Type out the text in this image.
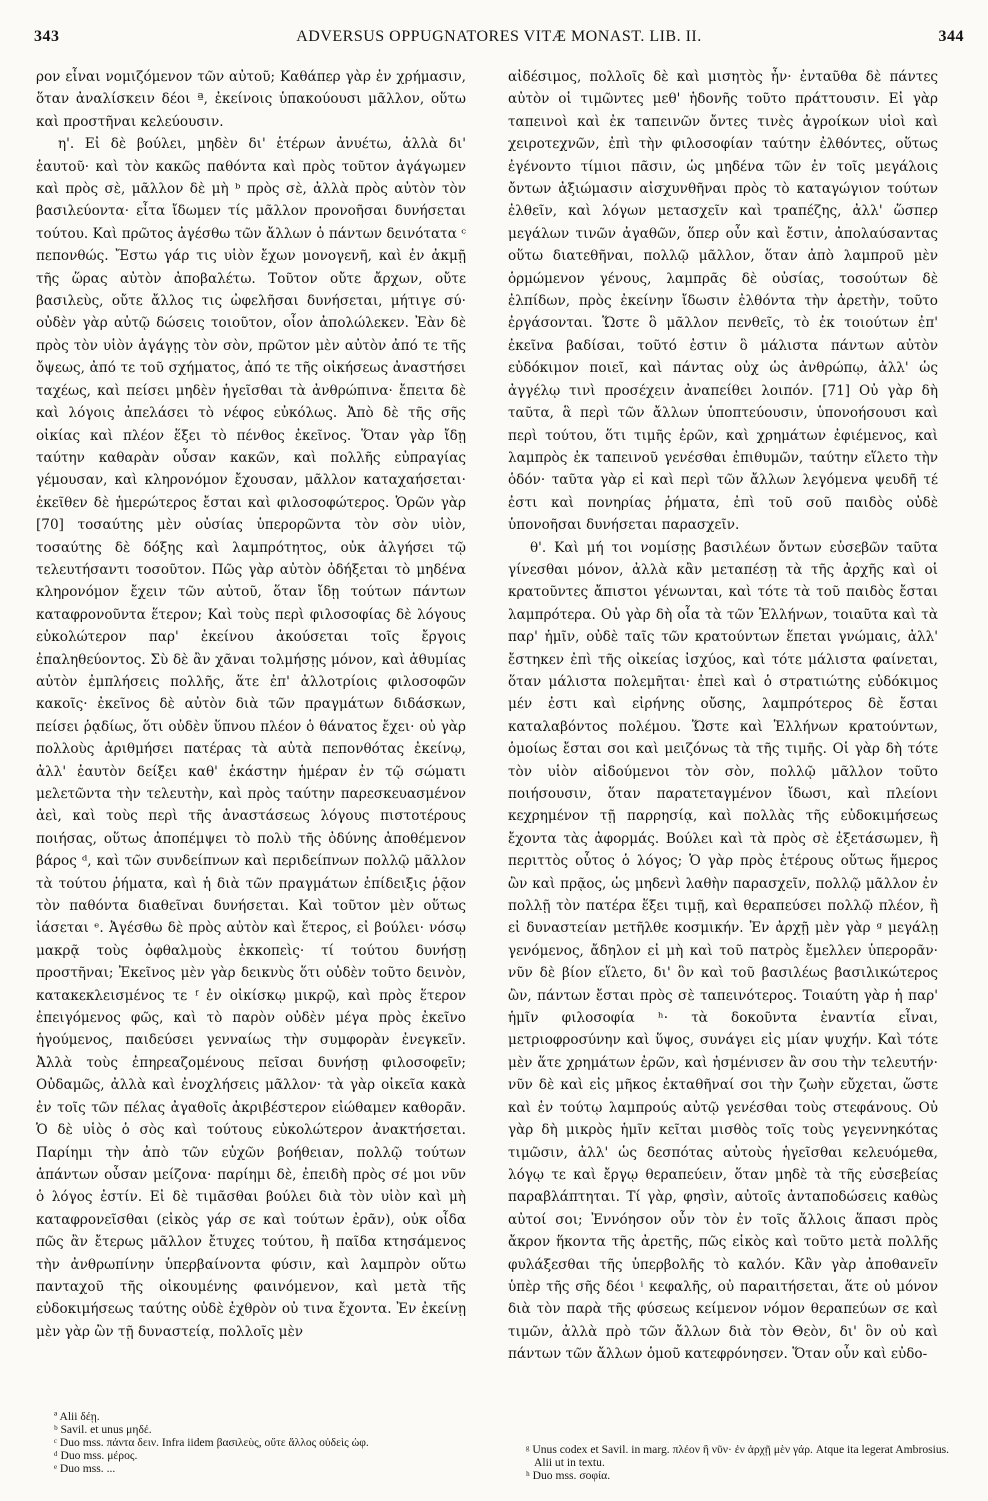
343	ADVERSUS OPPUGNATORES VITÆ MONAST. LIB. II.	344

ρον εἶναι νομιζόμενον τῶν αὐτοῦ; Καθάπερ γὰρ ἐν χρήμασιν, ὅταν ἀναλίσκειν δέοι ª, ἐκείνοις ὑπακούουσι μᾶλλον, οὕτω καὶ προστῆναι κελεύουσιν.

η'. Εἰ δὲ βούλει, μηδὲν δι' ἑτέρων ἀνυέτω, ἀλλὰ δι' ἑαυτοῦ· καὶ τὸν κακῶς παθόντα καὶ πρὸς τοῦτον ἀγάγωμεν καὶ πρὸς σὲ, μᾶλλον δὲ μὴ ᵇ πρὸς σὲ, ἀλλὰ πρὸς αὐτὸν τὸν βασιλεύοντα· εἶτα ἴδωμεν τίς μᾶλλον προνοῆσαι δυνήσεται τούτου. Καὶ πρῶτος ἀγέσθω τῶν ἄλλων ὁ πάντων δεινότατα ᶜ πεπονθώς. Ἔστω γάρ τις υἱὸν ἔχων μονογενῆ, καὶ ἐν ἀκμῇ τῆς ὥρας αὐτὸν ἀποβαλέτω. Τοῦτον οὔτε ἄρχων, οὔτε βασιλεὺς, οὔτε ἄλλος τις ὠφελῆσαι δυνήσεται, μήτιγε σύ· οὐδὲν γὰρ αὐτῷ δώσεις τοιοῦτον, οἷον ἀπολώλεκεν. Ἐὰν δὲ πρὸς τὸν υἱὸν ἀγάγῃς τὸν σὸν, πρῶτον μὲν αὐτὸν ἀπό τε τῆς ὄψεως, ἀπό τε τοῦ σχήματος, ἀπό τε τῆς οἰκήσεως ἀναστήσει ταχέως, καὶ πείσει μηδὲν ἡγεῖσθαι τὰ ἀνθρώπινα· ἔπειτα δὲ καὶ λόγοις ἀπελάσει τὸ νέφος εὐκόλως. Ἀπὸ δὲ τῆς σῆς οἰκίας καὶ πλέον ἕξει τὸ πένθος ἐκεῖνος. Ὅταν γὰρ ἴδῃ ταύτην καθαρὰν οὖσαν κακῶν, καὶ πολλῆς εὐπραγίας γέμουσαν, καὶ κληρονόμον ἔχουσαν, μᾶλλον καταχαήσεται· ἐκεῖθεν δὲ ἡμερώτερος ἔσται καὶ φιλοσοφώτερος. Ὁρῶν γὰρ [70] τοσαύτης μὲν οὐσίας ὑπερορῶντα τὸν σὸν υἱὸν, τοσαύτης δὲ δόξης καὶ λαμπρότητος, οὐκ ἀλγήσει τῷ τελευτήσαντι τοσοῦτον. Πῶς γὰρ αὐτὸν ὀδήξεται τὸ μηδένα κληρονόμον ἔχειν τῶν αὐτοῦ, ὅταν ἴδῃ τούτων πάντων καταφρονοῦντα ἕτερον; Καὶ τοὺς περὶ φιλοσοφίας δὲ λόγους εὐκολώτερον παρ' ἐκείνου ἀκούσεται τοῖς ἔργοις ἐπαληθεύοντος. Σὺ δὲ ἂν χᾶναι τολμήσῃς μόνον, καὶ ἀθυμίας αὐτὸν ἐμπλήσεις πολλῆς, ἅτε ἐπ' ἀλλοτρίοις φιλοσοφῶν κακοῖς· ἐκεῖνος δὲ αὐτὸν διὰ τῶν πραγμάτων διδάσκων, πείσει ῥᾳδίως, ὅτι οὐδὲν ὕπνου πλέον ὁ θάνατος ἔχει· οὐ γὰρ πολλοὺς ἀριθμήσει πατέρας τὰ αὐτὰ πεπονθότας ἐκείνῳ, ἀλλ' ἑαυτὸν δείξει καθ' ἑκάστην ἡμέραν ἐν τῷ σώματι μελετῶντα τὴν τελευτὴν, καὶ πρὸς ταύτην παρεσκευασμένον ἀεὶ, καὶ τοὺς περὶ τῆς ἀναστάσεως λόγους πιστοτέρους ποιήσας, οὕτως ἀποπέμψει τὸ πολὺ τῆς ὀδύνης ἀποθέμενον βάρος ᵈ, καὶ τῶν συνδείπνων καὶ περιδείπνων πολλῷ μᾶλλον τὰ τούτου ῥήματα, καὶ ἡ διὰ τῶν πραγμάτων ἐπίδειξις ῥᾷον τὸν παθόντα διαθεῖναι δυνήσεται. Καὶ τοῦτον μὲν οὕτως ἰάσεται ᵉ. Ἀγέσθω δὲ πρὸς αὐτὸν καὶ ἕτερος, εἰ βούλει· νόσῳ μακρᾷ τοὺς ὀφθαλμοὺς ἐκκοπεὶς· τί τούτου δυνήσῃ προστῆναι; Ἐκεῖνος μὲν γὰρ δεικνὺς ὅτι οὐδὲν τοῦτο δεινὸν, κατακεκλεισμένος τε ᶠ ἐν οἰκίσκῳ μικρῷ, καὶ πρὸς ἕτερον ἐπειγόμενος φῶς, καὶ τὸ παρὸν οὐδὲν μέγα πρὸς ἐκεῖνο ἡγούμενος, παιδεύσει γενναίως τὴν συμφορὰν ἐνεγκεῖν. Ἀλλὰ τοὺς ἐπηρεαζομένους πεῖσαι δυνήσῃ φιλοσοφεῖν; Οὐδαμῶς, ἀλλὰ καὶ ἐνοχλήσεις μᾶλλον· τὰ γὰρ οἰκεῖα κακὰ ἐν τοῖς τῶν πέλας ἀγαθοῖς ἀκριβέστερον εἰώθαμεν καθορᾶν. Ὁ δὲ υἱὸς ὁ σὸς καὶ τούτους εὐκολώτερον ἀνακτήσεται. Παρίημι τὴν ἀπὸ τῶν εὐχῶν βοήθειαν, πολλῷ τούτων ἁπάντων οὖσαν μείζονα· παρίημι δὲ, ἐπειδὴ πρὸς σέ μοι νῦν ὁ λόγος ἐστίν. Εἰ δὲ τιμᾶσθαι βούλει διὰ τὸν υἱὸν καὶ μὴ καταφρονεῖσθαι (εἰκὸς γάρ σε καὶ τούτων ἐρᾶν), οὐκ οἶδα πῶς ἂν ἔτερως μᾶλλον ἔτυχες τούτου, ἢ παῖδα κτησάμενος τὴν ἀνθρωπίνην ὑπερβαίνοντα φύσιν, καὶ λαμπρὸν οὕτω πανταχοῦ τῆς οἰκουμένης φαινόμενον, καὶ μετὰ τῆς εὐδοκιμήσεως ταύτης οὐδὲ ἐχθρὸν οὐ τινα ἔχοντα. Ἐν ἐκείνῃ μὲν γὰρ ὢν τῇ δυναστείᾳ, πολλοῖς μὲν

αἰδέσιμος, πολλοῖς δὲ καὶ μισητὸς ἦν· ἐνταῦθα δὲ πάντες αὐτὸν οἱ τιμῶντες μεθ' ἡδονῆς τοῦτο πράττουσιν. Εἰ γὰρ ταπεινοὶ καὶ ἐκ ταπεινῶν ὄντες τινὲς ἀγροίκων υἱοὶ καὶ χειροτεχνῶν, ἐπὶ τὴν φιλοσοφίαν ταύτην ἐλθόντες, οὕτως ἐγένοντο τίμιοι πᾶσιν, ὡς μηδένα τῶν ἐν τοῖς μεγάλοις ὄντων ἀξιώμασιν αἰσχυνθῆναι πρὸς τὸ καταγώγιον τούτων ἐλθεῖν, καὶ λόγων μετασχεῖν καὶ τραπέζης, ἀλλ' ὥσπερ μεγάλων τινῶν ἀγαθῶν, ὅπερ οὖν καὶ ἔστιν, ἀπολαύσαντας οὕτω διατεθῆναι, πολλῷ μᾶλλον, ὅταν ἀπὸ λαμπροῦ μὲν ὁρμώμενον γένους, λαμπρᾶς δὲ οὐσίας, τοσούτων δὲ ἐλπίδων, πρὸς ἐκείνην ἴδωσιν ἐλθόντα τὴν ἀρετὴν, τοῦτο ἐργάσονται. Ὥστε ὃ μᾶλλον πενθεῖς, τὸ ἐκ τοιούτων ἐπ' ἐκεῖνα βαδίσαι, τοῦτό ἐστιν ὃ μάλιστα πάντων αὐτὸν εὐδόκιμον ποιεῖ, καὶ πάντας οὐχ ὡς ἀνθρώπῳ, ἀλλ' ὡς ἀγγέλῳ τινὶ προσέχειν ἀναπείθει λοιπόν. [71] Οὐ γὰρ δὴ ταῦτα, ἃ περὶ τῶν ἄλλων ὑποπτεύουσιν, ὑπονοήσουσι καὶ περὶ τούτου, ὅτι τιμῆς ἐρῶν, καὶ χρημάτων ἐφιέμενος, καὶ λαμπρὸς ἐκ ταπεινοῦ γενέσθαι ἐπιθυμῶν, ταύτην εἵλετο τὴν ὁδόν· ταῦτα γὰρ εἰ καὶ περὶ τῶν ἄλλων λεγόμενα ψευδῆ τέ ἐστι καὶ πονηρίας ῥήματα, ἐπὶ τοῦ σοῦ παιδὸς οὐδὲ ὑπονοῆσαι δυνήσεται παρασχεῖν.

θ'. Καὶ μή τοι νομίσῃς βασιλέων ὄντων εὐσεβῶν ταῦτα γίνεσθαι μόνον, ἀλλὰ κἂν μεταπέσῃ τὰ τῆς ἀρχῆς καὶ οἱ κρατοῦντες ἄπιστοι γένωνται, καὶ τότε τὰ τοῦ παιδὸς ἔσται λαμπρότερα. Οὐ γὰρ δὴ οἷα τὰ τῶν Ἑλλήνων, τοιαῦτα καὶ τὰ παρ' ἡμῖν, οὐδὲ ταῖς τῶν κρατούντων ἕπεται γνώμαις, ἀλλ' ἔστηκεν ἐπὶ τῆς οἰκείας ἰσχύος, καὶ τότε μάλιστα φαίνεται, ὅταν μάλιστα πολεμῆται· ἐπεὶ καὶ ὁ στρατιώτης εὐδόκιμος μέν ἐστι καὶ εἰρήνης οὔσης, λαμπρότερος δὲ ἔσται καταλαβόντος πολέμου. Ὥστε καὶ Ἑλλήνων κρατούντων, ὁμοίως ἔσται σοι καὶ μειζόνως τὰ τῆς τιμῆς. Οἱ γὰρ δὴ τότε τὸν υἱὸν αἰδούμενοι τὸν σὸν, πολλῷ μᾶλλον τοῦτο ποιήσουσιν, ὅταν παρατεταγμένον ἴδωσι, καὶ πλείονι κεχρημένον τῇ παρρησίᾳ, καὶ πολλὰς τῆς εὐδοκιμήσεως ἔχοντα τὰς ἀφορμάς. Βούλει καὶ τὰ πρὸς σὲ ἐξετάσωμεν, ἢ περιττὸς οὗτος ὁ λόγος; Ὁ γὰρ πρὸς ἑτέρους οὕτως ἥμερος ὢν καὶ πρᾷος, ὡς μηδενὶ λαθὴν παρασχεῖν, πολλῷ μᾶλλον ἐν πολλῇ τὸν πατέρα ἕξει τιμῇ, καὶ θεραπεύσει πολλῷ πλέον, ἢ εἰ δυναστείαν μετῆλθε κοσμικήν. Ἐν ἀρχῇ μὲν γὰρ ᵍ μεγάλῃ γενόμενος, ἄδηλον εἰ μὴ καὶ τοῦ πατρὸς ἔμελλεν ὑπερορᾶν· νῦν δὲ βίον εἵλετο, δι' ὃν καὶ τοῦ βασιλέως βασιλικώτερος ὢν, πάντων ἔσται πρὸς σὲ ταπεινότερος. Τοιαύτη γὰρ ἡ παρ' ἡμῖν φιλοσοφία ʰ· τὰ δοκοῦντα ἐναντία εἶναι, μετριοφροσύνην καὶ ὕψος, συνάγει εἰς μίαν ψυχήν. Καὶ τότε μὲν ἅτε χρημάτων ἐρῶν, καὶ ἠσμένισεν ἂν σου τὴν τελευτήν· νῦν δὲ καὶ εἰς μῆκος ἐκταθῆναί σοι τὴν ζωὴν εὔχεται, ὥστε καὶ ἐν τούτῳ λαμπρούς αὐτῷ γενέσθαι τοὺς στεφάνους. Οὐ γὰρ δὴ μικρὸς ἡμῖν κεῖται μισθὸς τοῖς τοὺς γεγεννηκότας τιμῶσιν, ἀλλ' ὡς δεσπότας αὐτοὺς ἡγεῖσθαι κελευόμεθα, λόγῳ τε καὶ ἔργῳ θεραπεύειν, ὅταν μηδὲ τὰ τῆς εὐσεβείας παραβλάπτηται. Τί γὰρ, φησὶν, αὐτοῖς ἀνταποδώσεις καθὼς αὐτοί σοι; Ἐννόησον οὖν τὸν ἐν τοῖς ἄλλοις ἅπασι πρὸς ἄκρον ἥκοντα τῆς ἀρετῆς, πῶς εἰκὸς καὶ τοῦτο μετὰ πολλῆς φυλάξεσθαι τῆς ὑπερβολῆς τὸ καλόν. Κἂν γὰρ ἀποθανεῖν ὑπὲρ τῆς σῆς δέοι ⁱ κεφαλῆς, οὐ παραιτήσεται, ἅτε οὐ μόνον διὰ τὸν παρὰ τῆς φύσεως κείμενον νόμον θεραπεύων σε καὶ τιμῶν, ἀλλὰ πρὸ τῶν ἄλλων διὰ τὸν Θεὸν, δι' ὃν οὐ καὶ πάντων τῶν ἄλλων ὁμοῦ κατεφρόνησεν. Ὅταν οὖν καὶ εὐδο-

ª Alii δέῃ.
ᵇ Savil. et unus μηδέ.
ᶜ Duo mss. πάντα δειν. Infra iidem βασιλεὺς, οὔτε ἄλλος οὐδεὶς ὠφ.
ᵈ Duo mss. μέρος.
ᵉ Duo mss. ...
ᵍ Unus codex et Savil. in marg. πλέον ἢ νῦν· ἐν ἀρχῇ μὲν γάρ. Atque ita legerat Ambrosius. Alii ut in textu.
ʰ Duo mss. σοφία.
